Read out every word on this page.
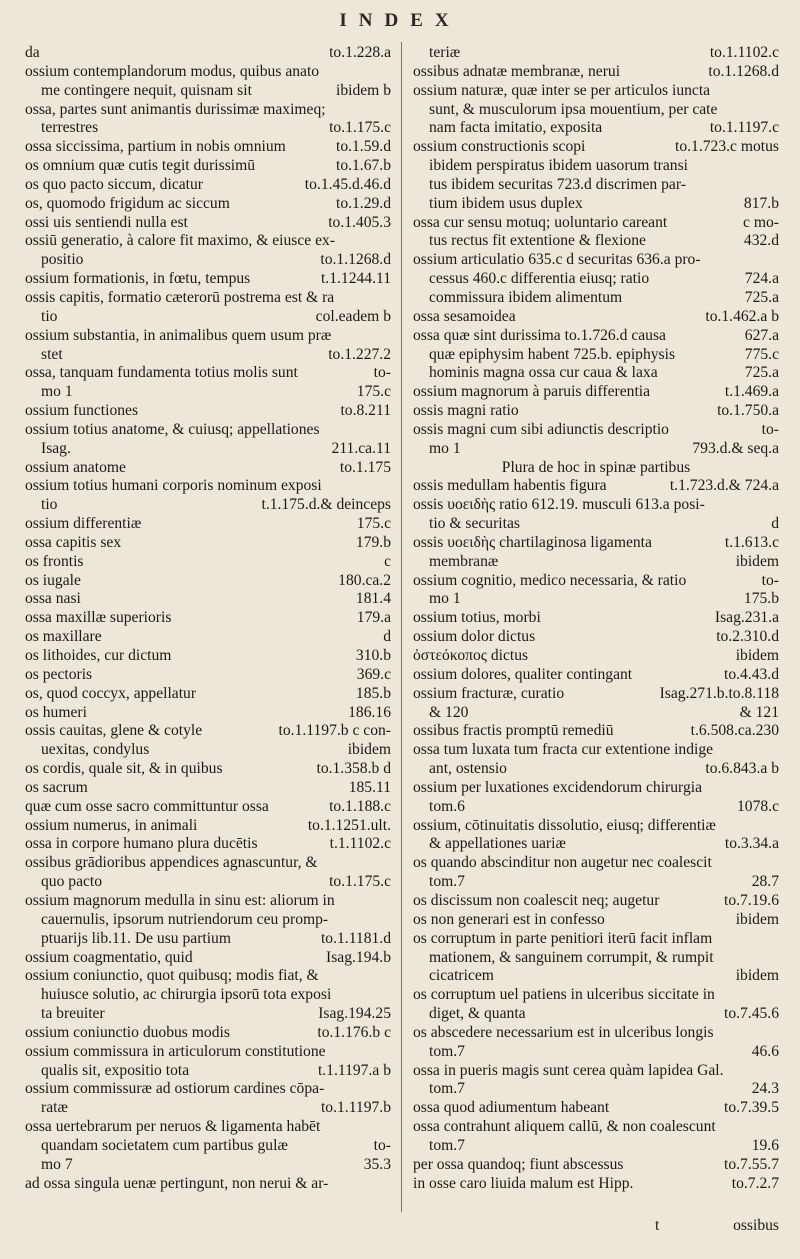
INDEX
da	to.1.228.a
ossium contemplandorum modus, quibus anato
me contingere nequit, quisnam sit	ibidem b
ossa, partes sunt animantis durissimæ maximeq;
terrestres	to.1.175.c
ossa siccissima, partium in nobis omnium	to.1.59.d
os omnium quæ cutis tegit durissimū	to.1.67.b
os quo pacto siccum, dicatur	to.1.45.d.46.d
os, quomodo frigidum ac siccum	to.1.29.d
ossi uis sentiendi nulla est	to.1.405.3
ossiū generatio, à calore fit maximo, & eiusce ex-
positio	to.1.1268.d
ossium formationis, in fœtu, tempus	t.1.1244.11
ossis capitis, formatio cæterorū postrema est & ra
tio	col.eadem b
ossium substantia, in animalibus quem usum præ
stet	to.1.227.2
ossa, tanquam fundamenta totius molis sunt	to-
mo 1	175.c
ossium functiones	to.8.211
ossium totius anatome, & cuiusq; appellationes
Isag.	211.ca.11
ossium anatome	to.1.175
ossium totius humani corporis nominum exposi
tio	t.1.175.d.& deinceps
ossium differentiæ	175.c
ossa capitis sex	179.b
os frontis	c
os iugale	180.ca.2
ossa nasi	181.4
ossa maxillæ superioris	179.a
os maxillare	d
os lithoides, cur dictum	310.b
os pectoris	369.c
os, quod coccyx, appellatur	185.b
os humeri	186.16
ossis cauitas, glene & cotyle	to.1.1197.b c con-
uexitas, condylus	ibidem
os cordis, quale sit, & in quibus	to.1.358.b d
os sacrum	185.11
quæ cum osse sacro committuntur ossa	to.1.188.c
ossium numerus, in animali	to.1.1251.ult.
ossa in corpore humano plura ducētis	t.1.1102.c
ossibus grādioribus appendices agnascuntur, &
quo pacto	to.1.175.c
ossium magnorum medulla in sinu est: aliorum in
cauernulis, ipsorum nutriendorum ceu promp-
ptuarijs lib.11. De usu partium	to.1.1181.d
ossium coagmentatio, quid	Isag.194.b
ossium coniunctio, quot quibusq; modis fiat, &
huiusce solutio, ac chirurgia ipsorū tota exposi
ta breuiter	Isag.194.25
ossium coniunctio duobus modis	to.1.176.b c
ossium commissura in articulorum constitutione
qualis sit, expositio tota	t.1.1197.a b
ossium commissuræ ad ostiorum cardines cōpa-
ratæ	to.1.1197.b
ossa uertebrarum per neruos & ligamenta habēt
quandam societatem cum partibus gulæ	to-
mo 7	35.3
ad ossa singula uenæ pertingunt, non nerui & ar-
teriæ	to.1.1102.c
ossibus adnatæ membranæ, nerui	to.1.1268.d
ossium naturæ, quæ inter se per articulos iuncta
sunt, & musculorum ipsa mouentium, per cate
nam facta imitatio, exposita	to.1.1197.c
ossium constructionis scopi	to.1.723.c motus
ibidem perspiratus ibidem uasorum transi
tus ibidem securitas 723.d discrimen par-
tium ibidem usus duplex	817.b
ossa cur sensu motuq; uoluntario careant	c mo-
tus rectus fit extentione & flexione	432.d
ossium articulatio 635.c d securitas 636.a pro-
cessus 460.c differentia eiusq; ratio	724.a
commissura ibidem alimentum	725.a
ossa sesamoidea	to.1.462.a b
ossa quæ sint durissima to.1.726.d causa	627.a
quæ epiphysim habent 725.b. epiphysis	775.c
hominis magna ossa cur caua & laxa	725.a
ossium magnorum à paruis differentia	t.1.469.a
ossis magni ratio	to.1.750.a
ossis magni cum sibi adiunctis descriptio	to-
mo 1	793.d.& seq.a
Plura de hoc in spinæ partibus
ossis medullam habentis figura	t.1.723.d.& 724.a
ossis υοειδὴς ratio 612.19. musculi 613.a posi-
tio & securitas	d
ossis υοειδὴς chartilaginosa ligamenta	t.1.613.c
membranæ	ibidem
ossium cognitio, medico necessaria, & ratio	to-
mo 1	175.b
ossium totius, morbi	Isag.231.a
ossium dolor dictus	to.2.310.d
ὀστεόκοπος dictus	ibidem
ossium dolores, qualiter contingant	to.4.43.d
ossium fracturæ, curatio	Isag.271.b.to.8.118
& 120	& 121
ossibus fractis promptū remediū	t.6.508.ca.230
ossa tum luxata tum fracta cur extentione indige
ant, ostensio	to.6.843.a b
ossium per luxationes excidendorum chirurgia
tom.6	1078.c
ossium, cōtinuitatis dissolutio, eiusq; differentiæ
& appellationes uariæ	to.3.34.a
os quando abscinditur non augetur nec coalescit
tom.7	28.7
os discissum non coalescit neq; augetur	to.7.19.6
os non generari est in confesso	ibidem
os corruptum in parte penitiori iterū facit inflam
mationem, & sanguinem corrumpit, & rumpit
cicatricem	ibidem
os corruptum uel patiens in ulceribus siccitate in
diget, & quanta	to.7.45.6
os abscedere necessarium est in ulceribus longis
tom.7	46.6
ossa in pueris magis sunt cerea quàm lapidea Gal.
tom.7	24.3
ossa quod adiumentum habeant	to.7.39.5
ossa contrahunt aliquem callū, & non coalescunt
tom.7	19.6
per ossa quandoq; fiunt abscessus	to.7.55.7
in osse caro liuida malum est Hipp.	to.7.2.7
t	ossibus
